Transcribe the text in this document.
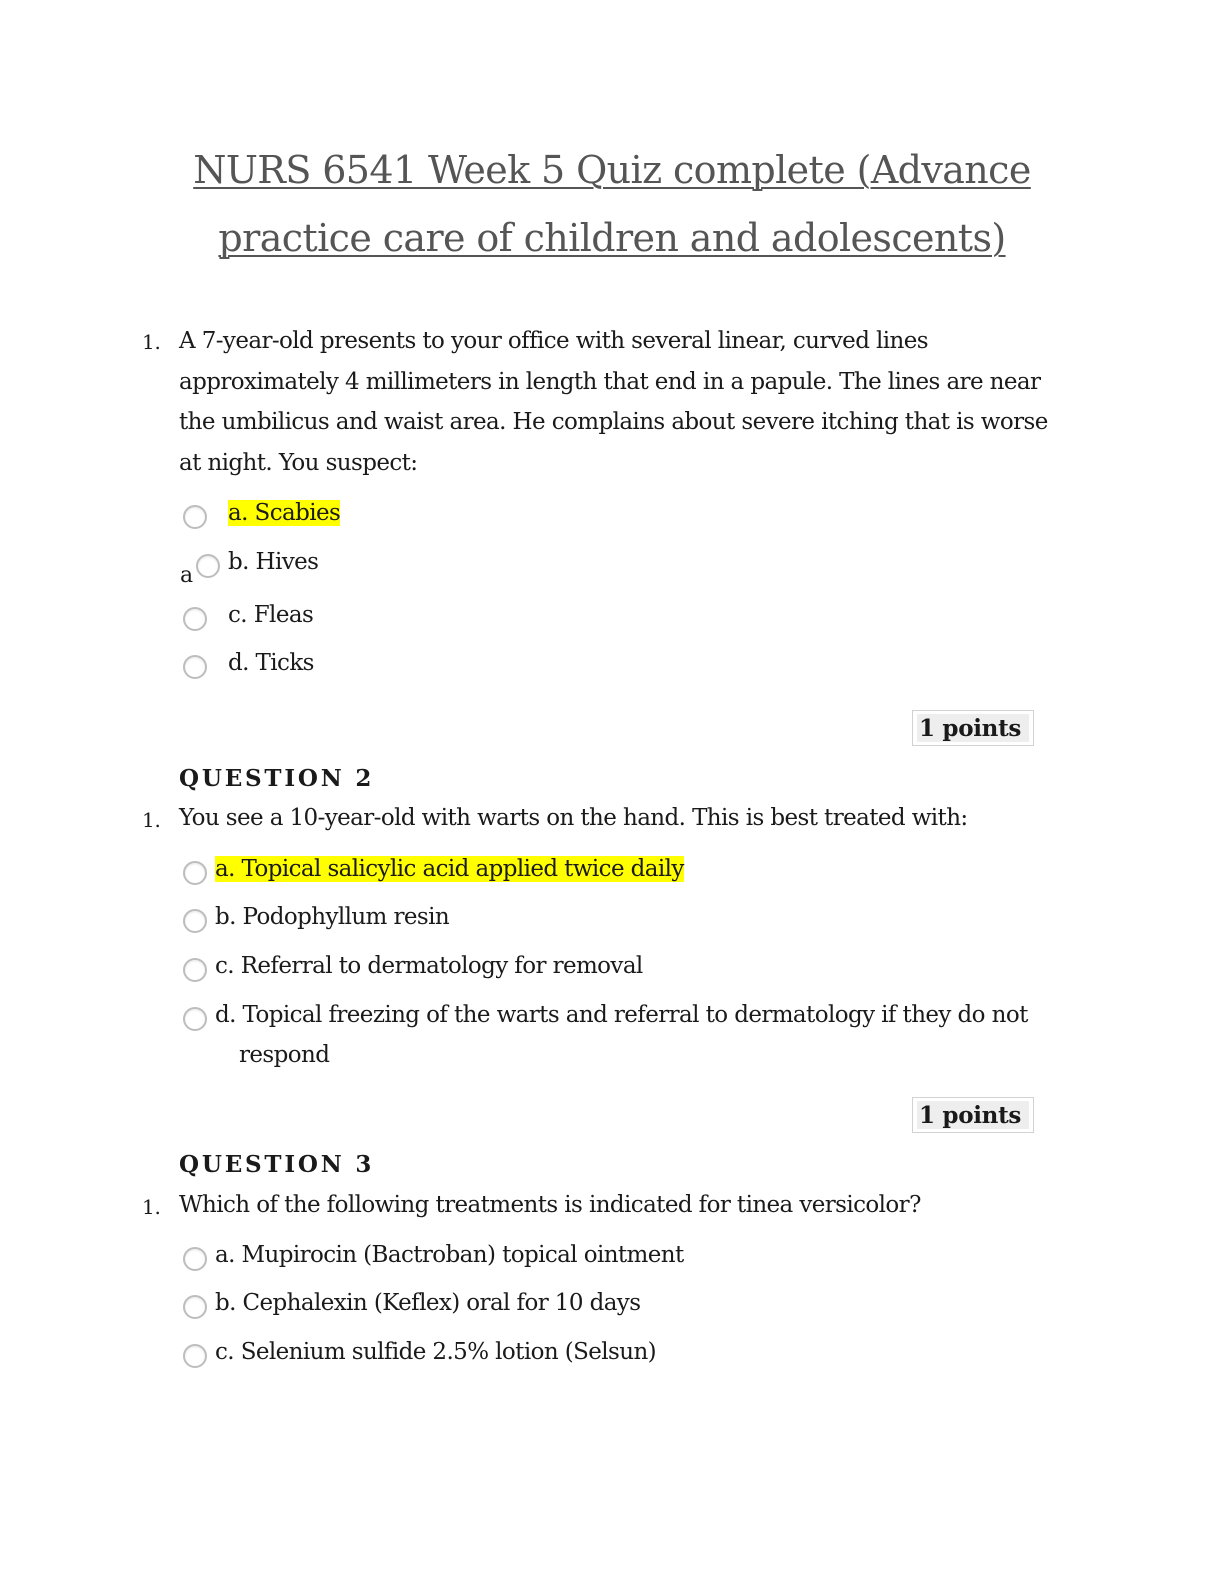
NURS 6541 Week 5 Quiz complete (Advance
practice care of children and adolescents)
1. A 7-year-old presents to your office with several linear, curved lines approximately 4 millimeters in length that end in a papule. The lines are near the umbilicus and waist area. He complains about severe itching that is worse at night. You suspect:
a. Scabies
a
b. Hives
c. Fleas
d. Ticks
1 points
QUESTION 2
1. You see a 10-year-old with warts on the hand. This is best treated with:
a. Topical salicylic acid applied twice daily
b. Podophyllum resin
c. Referral to dermatology for removal
d. Topical freezing of the warts and referral to dermatology if they do not
respond
1 points
QUESTION 3
1. Which of the following treatments is indicated for tinea versicolor?
a. Mupirocin (Bactroban) topical ointment
b. Cephalexin (Keflex) oral for 10 days
c. Selenium sulfide 2.5% lotion (Selsun)
